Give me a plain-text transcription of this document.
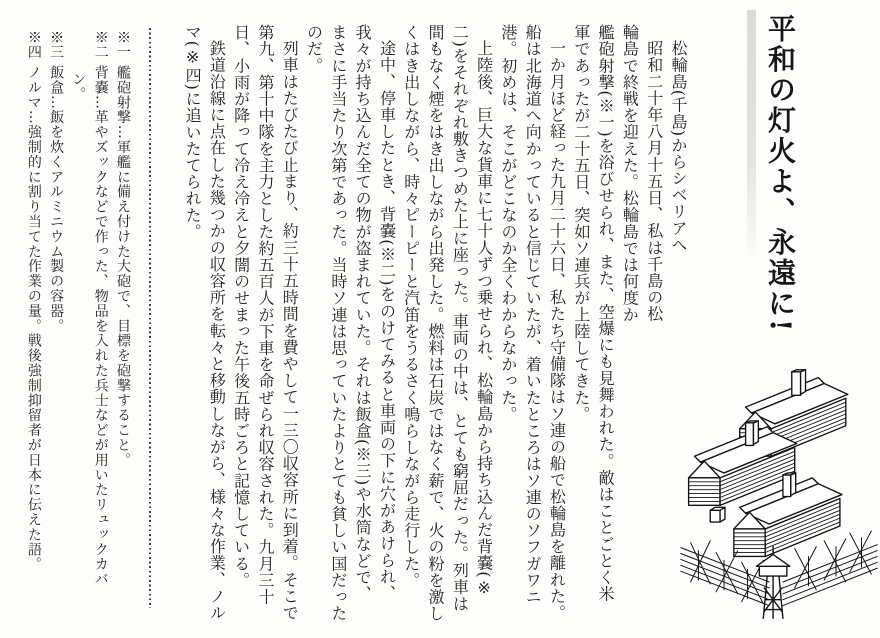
平和の灯火よ、永遠に!
松輪島(千島)からシベリアへ
昭和二十年八月十五日、私は千島の松
輪島で終戦を迎えた。松輪島では何度か
艦砲射撃(※一)を浴びせられ、また、空爆にも見舞われた。敵はことごとく米
軍であったが二十五日、突如ソ連兵が上陸してきた。
一か月ほど経った九月二十六日、私たち守備隊はソ連の船で松輪島を離れた。
船は北海道へ向かっていると信じていたが、着いたところはソ連のソフガワニ
港。初めは、そこがどこなのか全くわからなかった。
上陸後、巨大な貨車に七十人ずつ乗せられ、松輪島から持ち込んだ背嚢(※
二)をそれぞれ敷きつめた上に座った。車両の中は、とても窮屈だった。列車は
間もなく煙をはき出しながら出発した。燃料は石炭ではなく薪で、火の粉を激し
くはき出しながら、時々ピーピーと汽笛をうるさく鳴らしながら走行した。
途中、停車したとき、背嚢(※二)をのけてみると車両の下に穴があけられ、
我々が持ち込んだ全ての物が盗まれていた。それは飯盒(※三)や水筒などで、
まさに手当たり次第であった。当時ソ連は思っていたよりとても貧しい国だった
のだ。
列車はたびたび止まり、約三十五時間を費やして一三〇収容所に到着。そこで
第九、第十中隊を主力とした約五百人が下車を命ぜられ収容された。九月三十
日、小雨が降って冷え冷えと夕闇のせまった午後五時ごろと記憶している。
鉄道沿線に点在した幾つかの収容所を転々と移動しながら、様々な作業、ノル
マ(※四)に追いたてられた。
※一 艦砲射撃…軍艦に備え付けた大砲で、目標を砲撃すること。
※二 背嚢…革やズックなどで作った、物品を入れた兵士などが用いたリュックカバ
ン。
※三 飯盒…飯を炊くアルミニウム製の容器。
※四 ノルマ…強制的に割り当てた作業の量。戦後強制抑留者が日本に伝えた語。
